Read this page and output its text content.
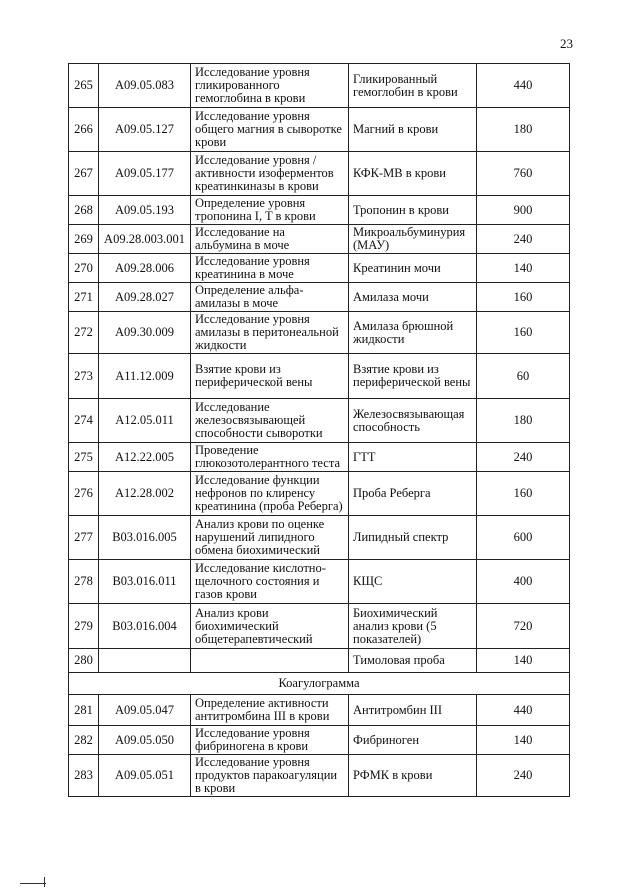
23
265	A09.05.083	Исследование уровня гликированного гемоглобина в крови	Гликированный гемоглобин в крови	440
266	A09.05.127	Исследование уровня общего магния в сыворотке крови	Магний в крови	180
267	A09.05.177	Исследование уровня /активности изоферментов креатинкиназы в крови	КФК-МВ в крови	760
268	A09.05.193	Определение уровня тропонина I, T в крови	Тропонин в крови	900
269	A09.28.003.001	Исследование на альбумина в моче	Микроальбуминурия (МАУ)	240
270	A09.28.006	Исследование уровня креатинина в моче	Креатинин мочи	140
271	A09.28.027	Определение альфа-амилазы в моче	Амилаза мочи	160
272	A09.30.009	Исследование уровня амилазы в перитонеальной жидкости	Амилаза брюшной жидкости	160
273	A11.12.009	Взятие крови из периферической вены	Взятие крови из периферической вены	60
274	A12.05.011	Исследование железосвязывающей способности сыворотки	Железосвязывающая способность	180
275	A12.22.005	Проведение глюкозотолерантного теста	ГТТ	240
276	A12.28.002	Исследование функции нефронов по клиренсу креатинина (проба Реберга)	Проба Реберга	160
277	B03.016.005	Анализ крови по оценке нарушений липидного обмена биохимический	Липидный спектр	600
278	B03.016.011	Исследование кислотно-щелочного состояния и газов крови	КЩС	400
279	B03.016.004	Анализ крови биохимический общетерапевтический	Биохимический анализ крови (5 показателей)	720
280			Тимоловая проба	140
Коагулограмма				
281	A09.05.047	Определение активности антитромбина III в крови	Антитромбин III	440
282	A09.05.050	Исследование уровня фибриногена в крови	Фибриноген	140
283	A09.05.051	Исследование уровня продуктов паракоагуляции в крови	РФМК в крови	240
